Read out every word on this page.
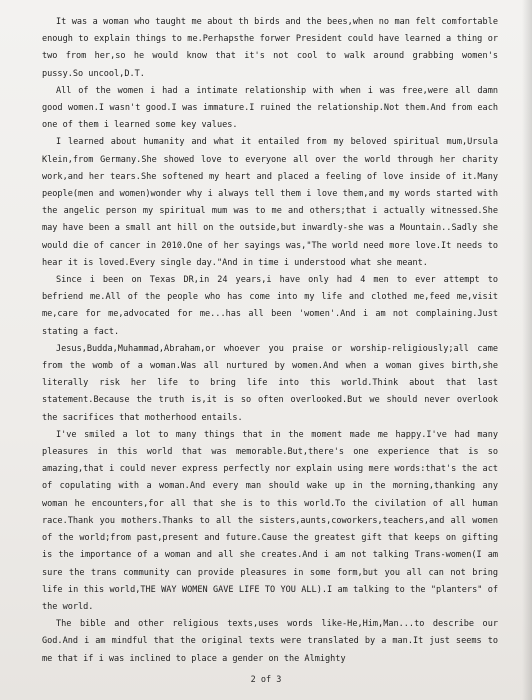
It was a woman who taught me about th birds and the bees,when no man felt comfortable enough to explain things to me.Perhapsthe forwer President could have learned a thing or two from her,so he would know that it's not cool to walk around grabbing women's pussy.So uncool,D.T.

All of the women i had a intimate relationship with when i was free,were all damn good women.I wasn't good.I was immature.I ruined the relationship.Not them.And from each one of them i learned some key values.

I learned about humanity and what it entailed from my beloved spiritual mum,Ursula Klein,from Germany.She showed love to everyone all over the world through her charity work,and her tears.She softened my heart and placed a feeling of love inside of it.Many people(men and women)wonder why i always tell them i love them,and my words started with the angelic person my spiritual mum was to me and others;that i actually witnessed.She may have been a small ant hill on the outside,but inwardly-she was a Mountain..Sadly she would die of cancer in 2010.One of her sayings was,"The world need more love.It needs to hear it is loved.Every single day."And in time i understood what she meant.

Since i been on Texas DR,in 24 years,i have only had 4 men to ever attempt to befriend me.All of the people who has come into my life and clothed me,feed me,visit me,care for me,advocated for me...has all been 'women'.And i am not complaining.Just stating a fact.

Jesus,Budda,Muhammad,Abraham,or whoever you praise or worship-religiously;all came from the womb of a woman.Was all nurtured by women.And when a woman gives birth,she literally risk her life to bring life into this world.Think about that last statement.Because the truth is,it is so often overlooked.But we should never overlook the sacrifices that motherhood entails.

I've smiled a lot to many things that in the moment made me happy.I've had many pleasures in this world that was memorable.But,there's one experience that is so amazing,that i could never express perfectly nor explain using mere words:that's the act of copulating with a woman.And every man should wake up in the morning,thanking any woman he encounters,for all that she is to this world.To the civilation of all human race.Thank you mothers.Thanks to all the sisters,aunts,coworkers,teachers,and all women of the world;from past,present and future.Cause the greatest gift that keeps on gifting is the importance of a woman and all she creates.And i am not talking Trans-women(I am sure the trans community can provide pleasures in some form,but you all can not bring life in this world,THE WAY WOMEN GAVE LIFE TO YOU ALL).I am talking to the "planters" of the world.

The bible and other religious texts,uses words like-He,Him,Man...to describe our God.And i am mindful that the original texts were translated by a man.It just seems to me that if i was inclined to place a gender on the Almighty

2 of 3
